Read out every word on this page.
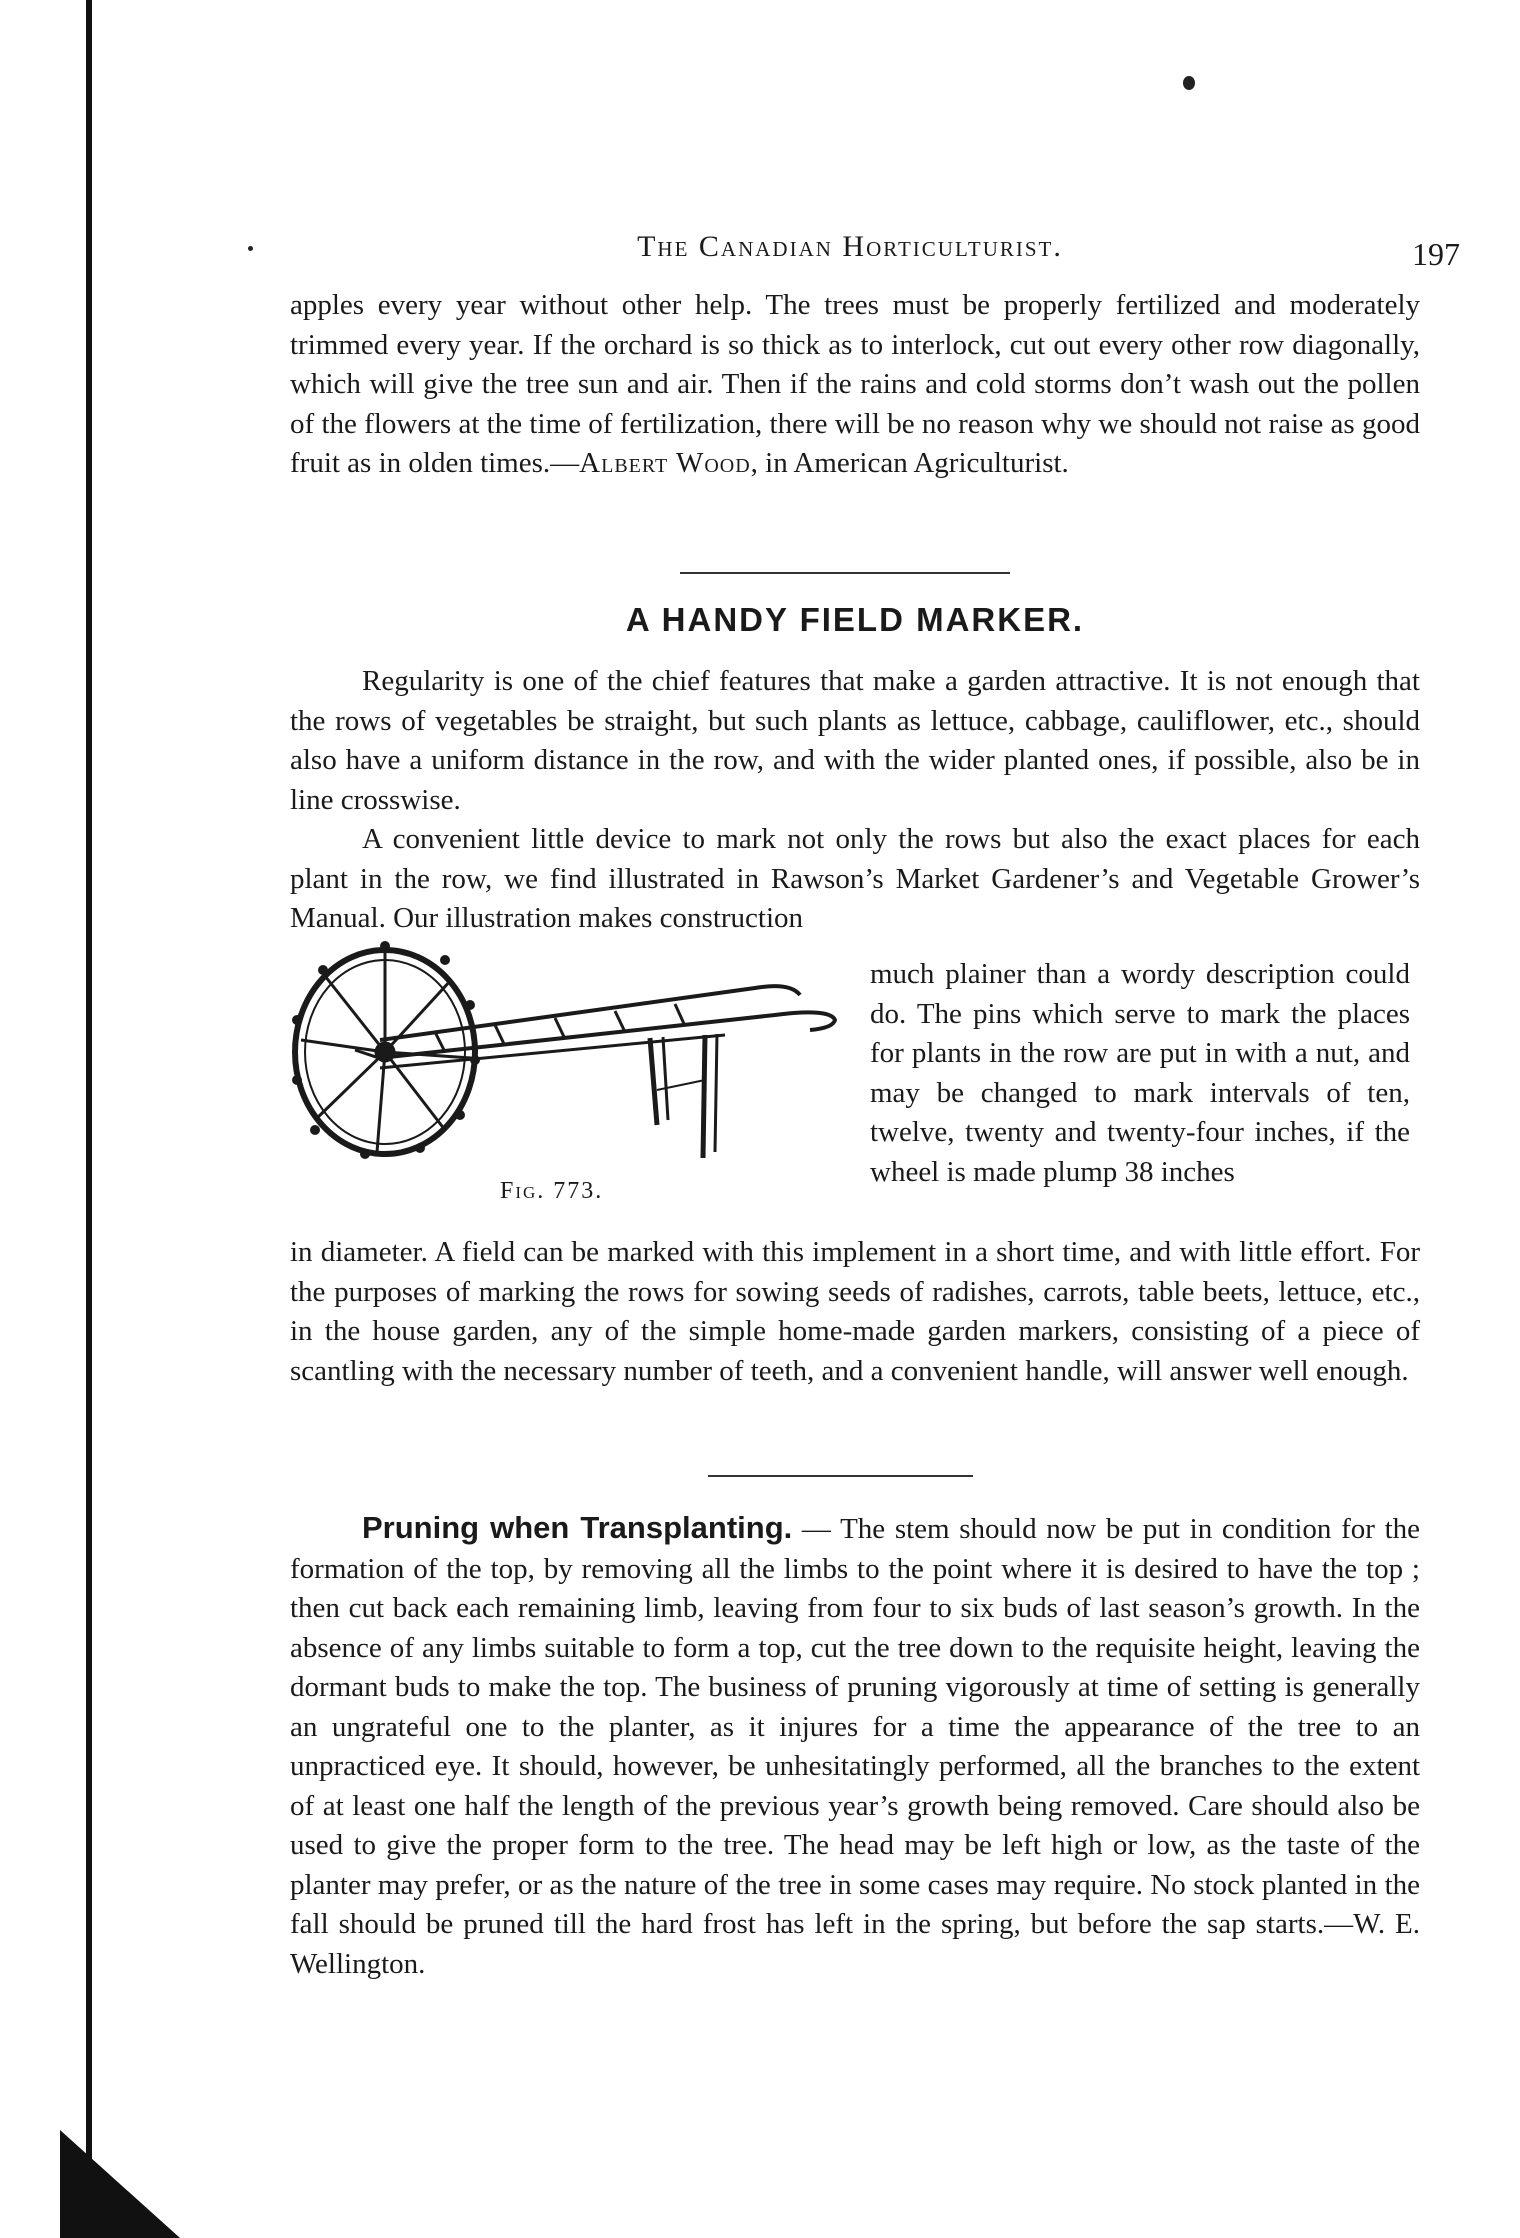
The Canadian Horticulturist.	197

apples every year without other help. The trees must be properly fertilized and moderately trimmed every year. If the orchard is so thick as to interlock, cut out every other row diagonally, which will give the tree sun and air. Then if the rains and cold storms don’t wash out the pollen of the flowers at the time of fertilization, there will be no reason why we should not raise as good fruit as in olden times.—Albert Wood, in American Agriculturist.

A HANDY FIELD MARKER.

Regularity is one of the chief features that make a garden attractive. It is not enough that the rows of vegetables be straight, but such plants as lettuce, cabbage, cauliflower, etc., should also have a uniform distance in the row, and with the wider planted ones, if possible, also be in line crosswise.

A convenient little device to mark not only the rows but also the exact places for each plant in the row, we find illustrated in Rawson’s Market Gardener’s and Vegetable Grower’s Manual. Our illustration makes construction

Fig. 773.

much plainer than a wordy description could do. The pins which serve to mark the places for plants in the row are put in with a nut, and may be changed to mark intervals of ten, twelve, twenty and twenty-four inches, if the wheel is made plump 38 inches

in diameter. A field can be marked with this implement in a short time, and with little effort. For the purposes of marking the rows for sowing seeds of radishes, carrots, table beets, lettuce, etc., in the house garden, any of the simple home-made garden markers, consisting of a piece of scantling with the necessary number of teeth, and a convenient handle, will answer well enough.

Pruning when Transplanting. — The stem should now be put in condition for the formation of the top, by removing all the limbs to the point where it is desired to have the top ; then cut back each remaining limb, leaving from four to six buds of last season’s growth. In the absence of any limbs suitable to form a top, cut the tree down to the requisite height, leaving the dormant buds to make the top. The business of pruning vigorously at time of setting is generally an ungrateful one to the planter, as it injures for a time the appearance of the tree to an unpracticed eye. It should, however, be unhesitatingly performed, all the branches to the extent of at least one half the length of the previous year’s growth being removed. Care should also be used to give the proper form to the tree. The head may be left high or low, as the taste of the planter may prefer, or as the nature of the tree in some cases may require. No stock planted in the fall should be pruned till the hard frost has left in the spring, but before the sap starts.—W. E. Wellington.
